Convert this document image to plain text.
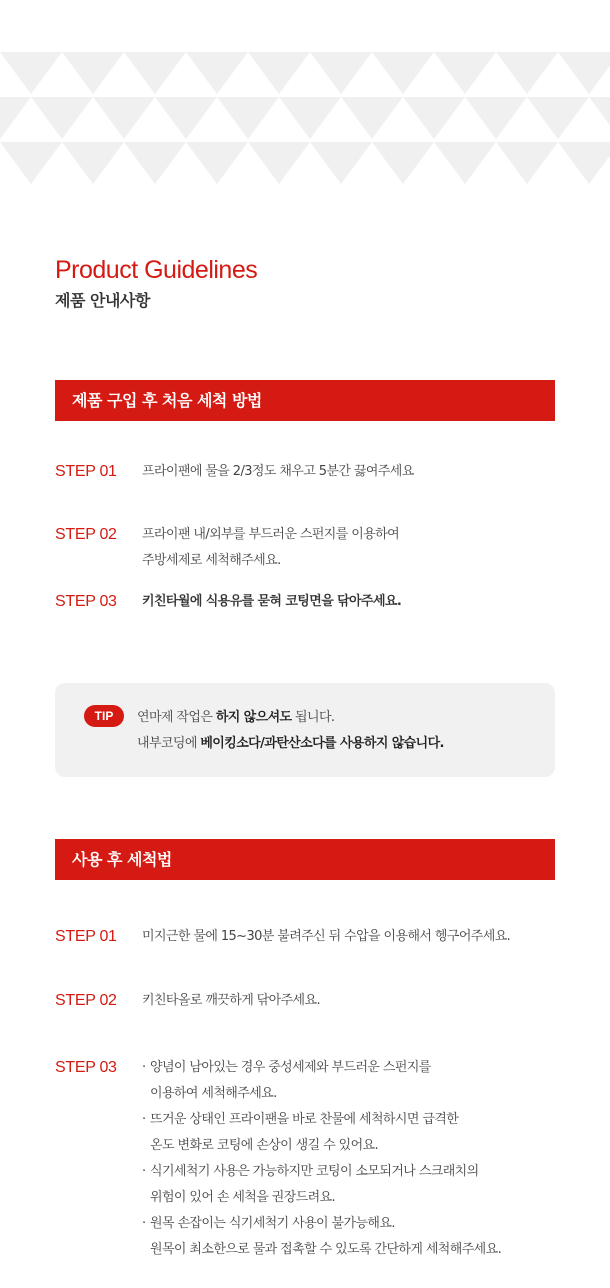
Product Guidelines
제품 안내사항
제품 구입 후 처음 세척 방법
STEP 01	프라이팬에 물을 2/3정도 채우고 5분간 끓여주세요

STEP 02	프라이팬 내/외부를 부드러운 스펀지를 이용하여

주방세제로 세척해주세요.

STEP 03	키친타월에 식용유를 묻혀 코팅면을 닦아주세요.

TIP	연마제 작업은 하지 않으셔도 됩니다.
내부코딩에 베이킹소다/과탄산소다를 사용하지 않습니다.
사용 후 세척법
STEP 01	미지근한 물에 15~30분 불려주신 뒤 수압을 이용해서 헹구어주세요.

STEP 02	키친타올로 깨끗하게 닦아주세요.

STEP 03
·	양념이 남아있는 경우 중성세제와 부드러운 스펀지를
이용하여 세척해주세요.
· 뜨거운 상태인 프라이팬을 바로 찬물에 세척하시면 급격한
온도 변화로 코팅에 손상이 생길 수 있어요.
· 식기세척기 사용은 가능하지만 코팅이 소모되거나 스크래치의
위험이 있어 손 세척을 권장드려요.
· 원목 손잡이는 식기세척기 사용이 불가능해요.
원목이 최소한으로 물과 접촉할 수 있도록 간단하게 세척해주세요.
